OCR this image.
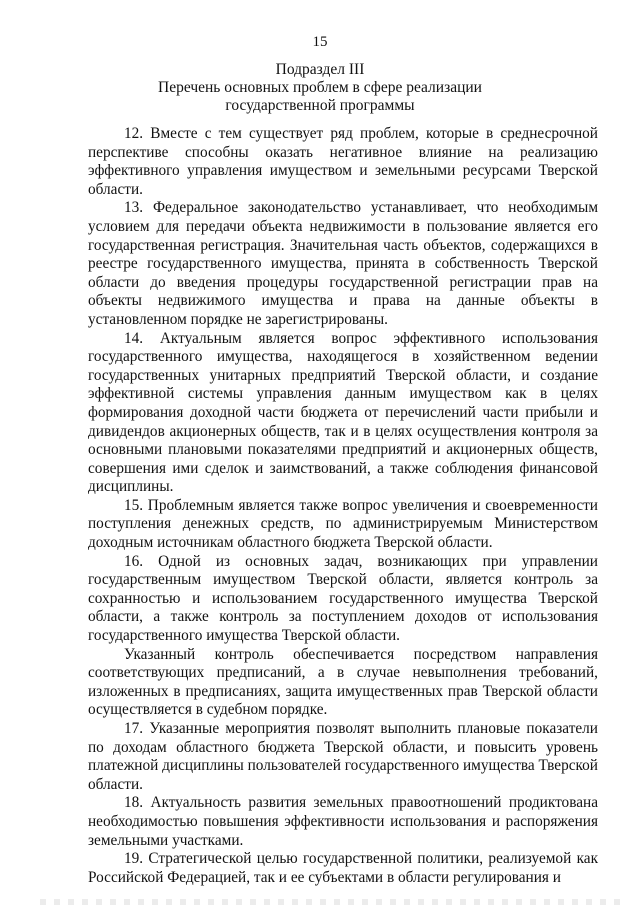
15
Подраздел III
Перечень основных проблем в сфере реализации
государственной программы

12. Вместе с тем существует ряд проблем, которые в среднесрочной перспективе способны оказать негативное влияние на реализацию эффективного управления имуществом и земельными ресурсами Тверской области.

13. Федеральное законодательство устанавливает, что необходимым условием для передачи объекта недвижимости в пользование является его государственная регистрация. Значительная часть объектов, содержащихся в реестре государственного имущества, принята в собственность Тверской области до введения процедуры государственной регистрации прав на объекты недвижимого имущества и права на данные объекты в установленном порядке не зарегистрированы.

14. Актуальным является вопрос эффективного использования государственного имущества, находящегося в хозяйственном ведении государственных унитарных предприятий Тверской области, и создание эффективной системы управления данным имуществом как в целях формирования доходной части бюджета от перечислений части прибыли и дивидендов акционерных обществ, так и в целях осуществления контроля за основными плановыми показателями предприятий и акционерных обществ, совершения ими сделок и заимствований, а также соблюдения финансовой дисциплины.

15. Проблемным является также вопрос увеличения и своевременности поступления денежных средств, по администрируемым Министерством доходным источникам областного бюджета Тверской области.

16. Одной из основных задач, возникающих при управлении государственным имуществом Тверской области, является контроль за сохранностью и использованием государственного имущества Тверской области, а также контроль за поступлением доходов от использования государственного имущества Тверской области.

Указанный контроль обеспечивается посредством направления соответствующих предписаний, а в случае невыполнения требований, изложенных в предписаниях, защита имущественных прав Тверской области осуществляется в судебном порядке.

17. Указанные мероприятия позволят выполнить плановые показатели по доходам областного бюджета Тверской области, и повысить уровень платежной дисциплины пользователей государственного имущества Тверской области.

18. Актуальность развития земельных правоотношений продиктована необходимостью повышения эффективности использования и распоряжения земельными участками.

19. Стратегической целью государственной политики, реализуемой как Российской Федерацией, так и ее субъектами в области регулирования и
